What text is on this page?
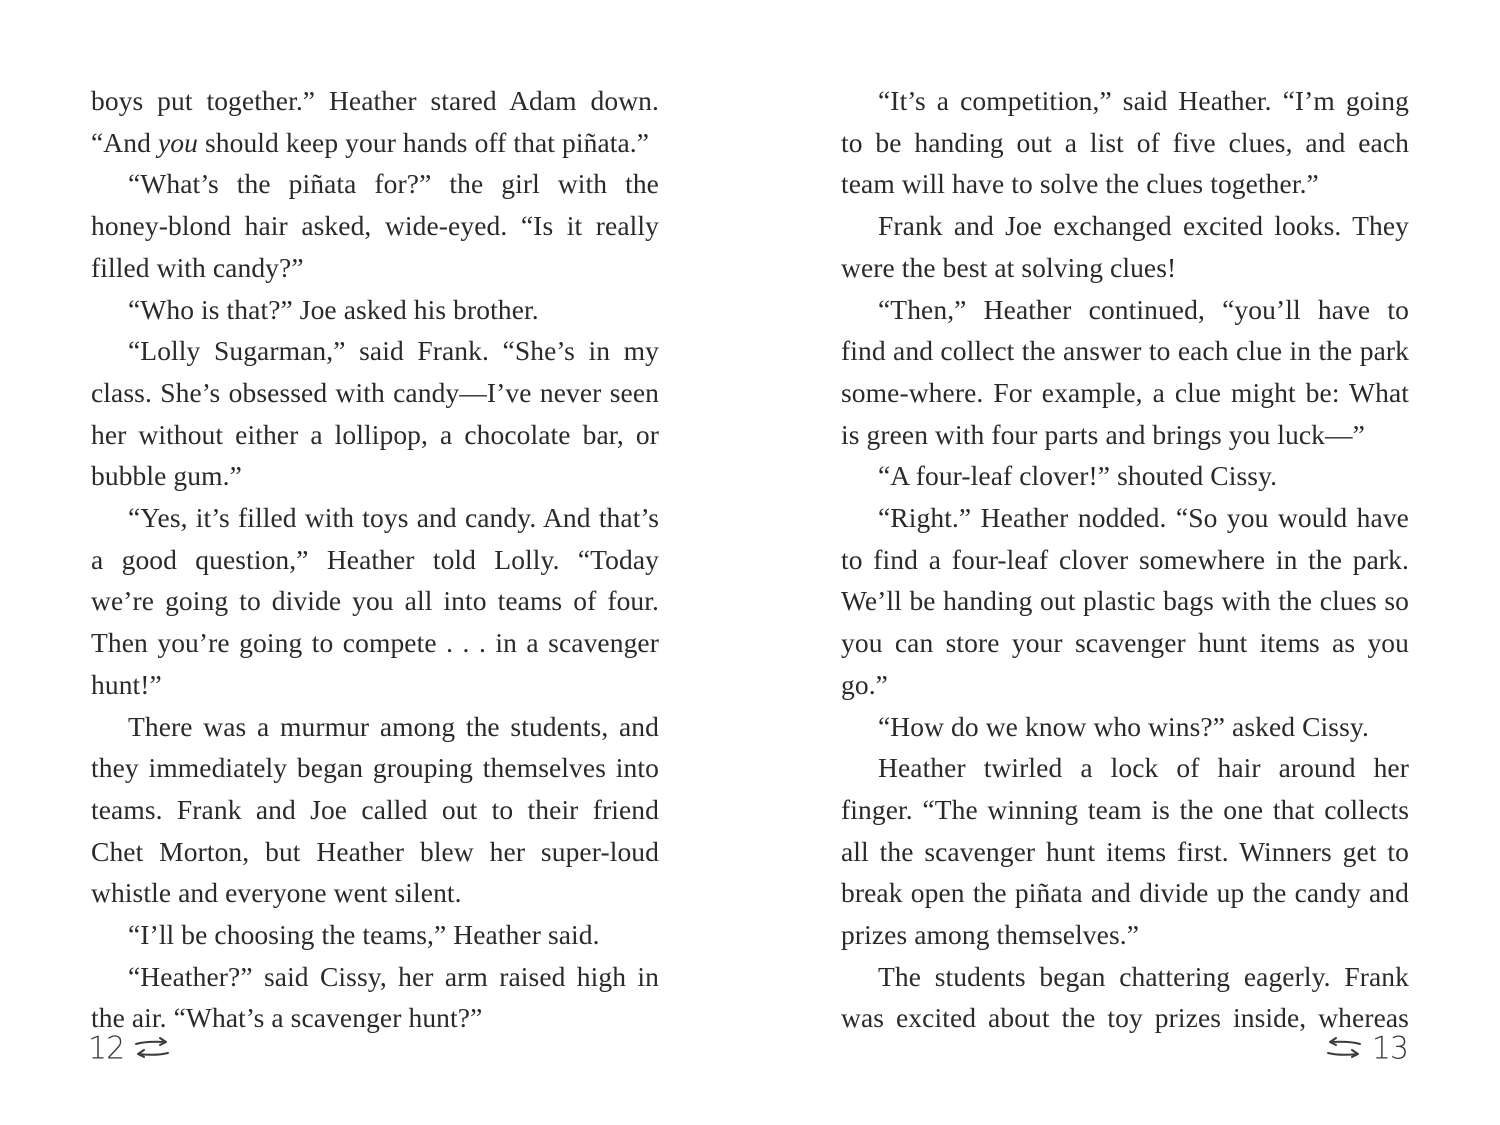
boys put together.” Heather stared Adam down. “And you should keep your hands off that piñata.”

“What’s the piñata for?” the girl with the honey-blond hair asked, wide-eyed. “Is it really filled with candy?”

“Who is that?” Joe asked his brother.

“Lolly Sugarman,” said Frank. “She’s in my class. She’s obsessed with candy—I’ve never seen her without either a lollipop, a chocolate bar, or bubble gum.”

“Yes, it’s filled with toys and candy. And that’s a good question,” Heather told Lolly. “Today we’re going to divide you all into teams of four. Then you’re going to compete . . . in a scavenger hunt!”

There was a murmur among the students, and they immediately began grouping themselves into teams. Frank and Joe called out to their friend Chet Morton, but Heather blew her super-loud whistle and everyone went silent.

“I’ll be choosing the teams,” Heather said.

“Heather?” said Cissy, her arm raised high in the air. “What’s a scavenger hunt?”

“It’s a competition,” said Heather. “I’m going to be handing out a list of five clues, and each team will have to solve the clues together.”

Frank and Joe exchanged excited looks. They were the best at solving clues!

“Then,” Heather continued, “you’ll have to find and collect the answer to each clue in the park some-where. For example, a clue might be: What is green with four parts and brings you luck—”

“A four-leaf clover!” shouted Cissy.

“Right.” Heather nodded. “So you would have to find a four-leaf clover somewhere in the park. We’ll be handing out plastic bags with the clues so you can store your scavenger hunt items as you go.”

“How do we know who wins?” asked Cissy.

Heather twirled a lock of hair around her finger. “The winning team is the one that collects all the scavenger hunt items first. Winners get to break open the piñata and divide up the candy and prizes among themselves.”

The students began chattering eagerly. Frank was excited about the toy prizes inside, whereas

12	13
